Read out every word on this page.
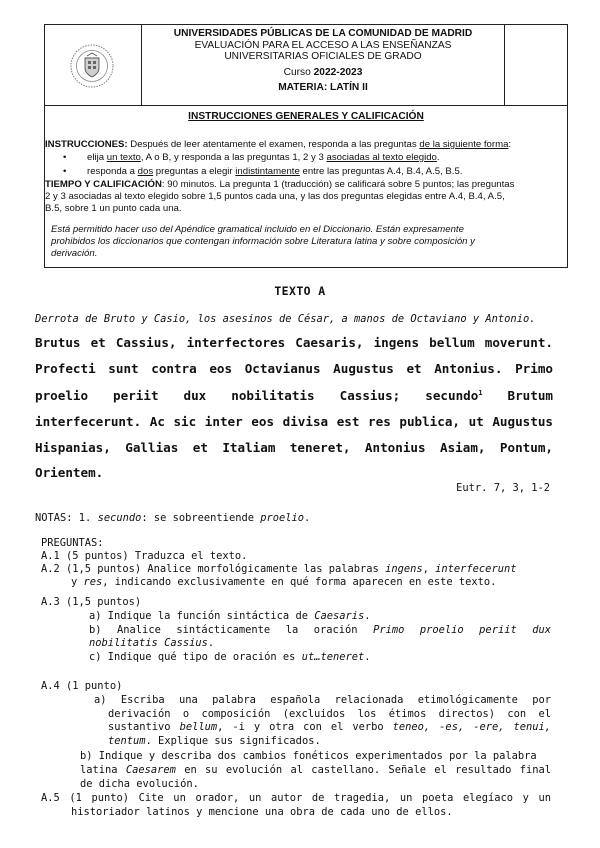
UNIVERSIDADES PÚBLICAS DE LA COMUNIDAD DE MADRID
EVALUACIÓN PARA EL ACCESO A LAS ENSEÑANZAS
UNIVERSITARIAS OFICIALES DE GRADO
Curso 2022-2023
MATERIA: LATÍN II
INSTRUCCIONES GENERALES Y CALIFICACIÓN
INSTRUCCIONES: Después de leer atentamente el examen, responda a las preguntas de la siguiente forma:
• elija un texto, A o B, y responda a las preguntas 1, 2 y 3 asociadas al texto elegido.
• responda a dos preguntas a elegir indistintamente entre las preguntas A.4, B.4, A.5, B.5.
TIEMPO Y CALIFICACIÓN: 90 minutos. La pregunta 1 (traducción) se calificará sobre 5 puntos; las preguntas
2 y 3 asociadas al texto elegido sobre 1,5 puntos cada una, y las dos preguntas elegidas entre A.4, B.4, A.5,
B.5, sobre 1 un punto cada una.
Está permitido hacer uso del Apéndice gramatical incluido en el Diccionario. Están expresamente
prohibidos los diccionarios que contengan información sobre Literatura latina y sobre composición y
derivación.
TEXTO A
Derrota de Bruto y Casio, los asesinos de César, a manos de Octaviano y Antonio.

Brutus et Cassius, interfectores Caesaris, ingens bellum moverunt. Profecti sunt contra eos Octavianus Augustus et Antonius. Primo proelio periit dux nobilitatis Cassius; secundo$^1$ Brutum interfecerunt. Ac sic inter eos divisa est res publica, ut Augustus Hispanias, Gallias et Italiam teneret, Antonius Asiam, Pontum, Orientem.

Eutr. 7, 3, 1-2
NOTAS: 1. secundo: se sobreentiende proelio.
PREGUNTAS:
A.1 (5 puntos) Traduzca el texto.
A.2 (1,5 puntos) Analice morfológicamente las palabras ingens, interfecerunt
y res, indicando exclusivamente en qué forma aparecen en este texto.
A.3 (1,5 puntos)
a) Indique la función sintáctica de Caesaris.
b) Analice sintácticamente la oración Primo proelio periit dux
nobilitatis Cassius.
c) Indique qué tipo de oración es ut…teneret.
A.4 (1 punto)
a) Escriba una palabra española relacionada etimológicamente por
derivación o composición (excluidos los étimos directos) con el
sustantivo bellum, -i y otra con el verbo teneo, -es, -ere, tenui,
tentum. Explique sus significados.
b) Indique y describa dos cambios fonéticos experimentados por la palabra
latina Caesarem en su evolución al castellano. Señale el resultado final
de dicha evolución.
A.5 (1 punto) Cite un orador, un autor de tragedia, un poeta elegíaco y un
historiador latinos y mencione una obra de cada uno de ellos.
